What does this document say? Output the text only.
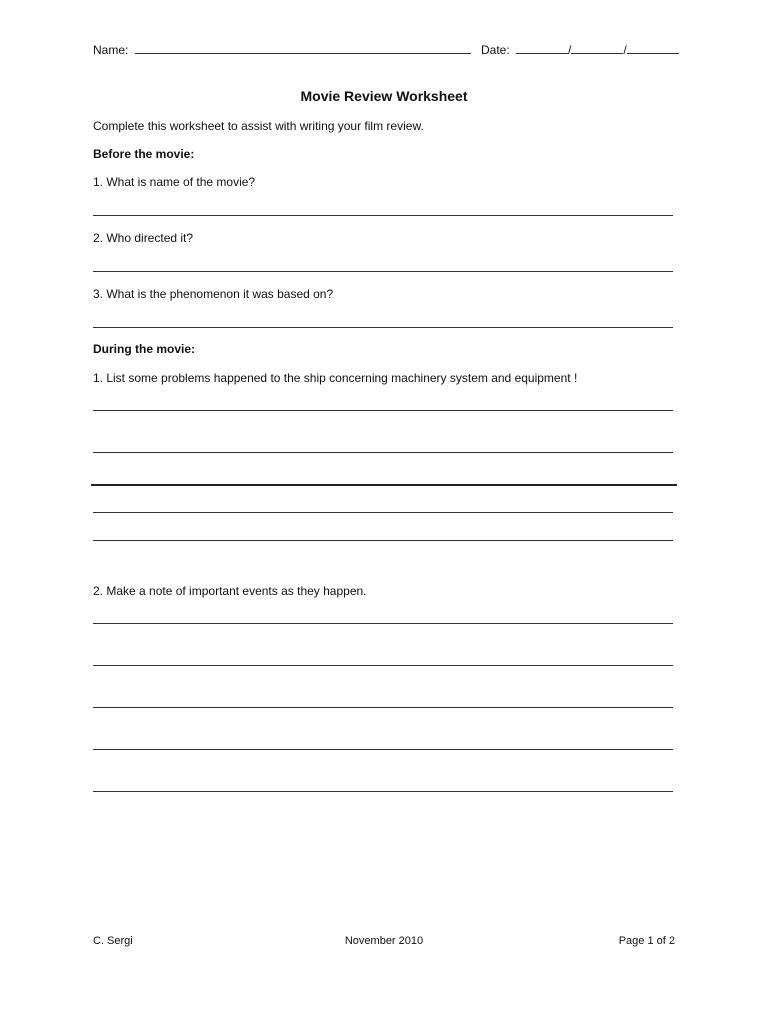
Name:	Date:	/	/
Movie Review Worksheet
Complete this worksheet to assist with writing your film review.
Before the movie:
1. What is name of the movie?
2. Who directed it?
3. What is the phenomenon it was based on?
During the movie:
1. List some problems happened to the ship concerning machinery system and equipment !
2. Make a note of important events as they happen.
C. Sergi	November 2010	Page 1 of 2
